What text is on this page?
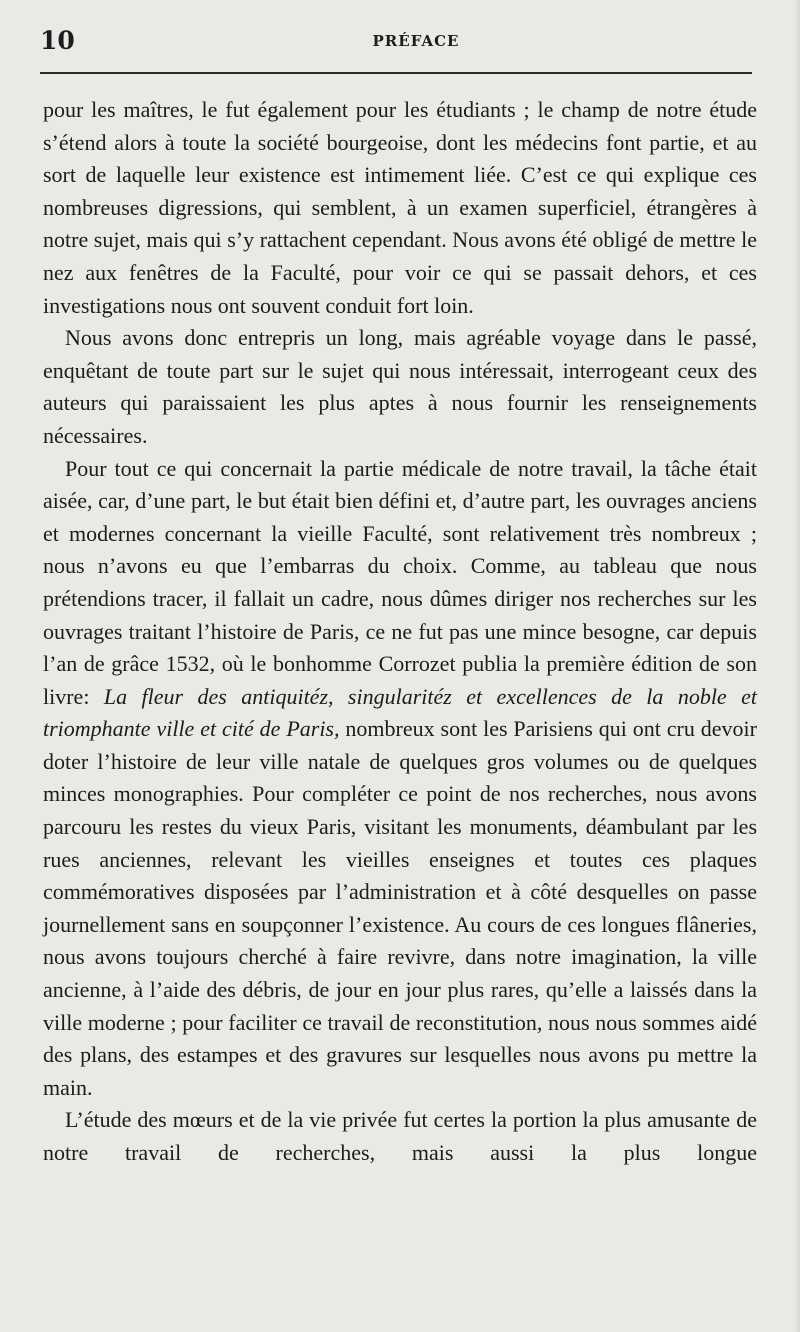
10	PRÉFACE

pour les maîtres, le fut également pour les étudiants ; le champ de notre étude s’étend alors à toute la société bourgeoise, dont les médecins font partie, et au sort de laquelle leur existence est intimement liée. C’est ce qui explique ces nombreuses digressions, qui semblent, à un examen superficiel, étrangères à notre sujet, mais qui s’y rattachent cependant. Nous avons été obligé de mettre le nez aux fenêtres de la Faculté, pour voir ce qui se passait dehors, et ces investigations nous ont souvent conduit fort loin.

Nous avons donc entrepris un long, mais agréable voyage dans le passé, enquêtant de toute part sur le sujet qui nous intéressait, interrogeant ceux des auteurs qui paraissaient les plus aptes à nous fournir les renseignements nécessaires.

Pour tout ce qui concernait la partie médicale de notre travail, la tâche était aisée, car, d’une part, le but était bien défini et, d’autre part, les ouvrages anciens et modernes concernant la vieille Faculté, sont relativement très nombreux ; nous n’avons eu que l’embarras du choix. Comme, au tableau que nous prétendions tracer, il fallait un cadre, nous dûmes diriger nos recherches sur les ouvrages traitant l’histoire de Paris, ce ne fut pas une mince besogne, car depuis l’an de grâce 1532, où le bonhomme Corrozet publia la première édition de son livre: La fleur des antiquitéz, singularitéz et excellences de la noble et triomphante ville et cité de Paris, nombreux sont les Parisiens qui ont cru devoir doter l’histoire de leur ville natale de quelques gros volumes ou de quelques minces monographies. Pour compléter ce point de nos recherches, nous avons parcouru les restes du vieux Paris, visitant les monuments, déambulant par les rues anciennes, relevant les vieilles enseignes et toutes ces plaques commémoratives disposées par l’administration et à côté desquelles on passe journellement sans en soupçonner l’existence. Au cours de ces longues flâneries, nous avons toujours cherché à faire revivre, dans notre imagination, la ville ancienne, à l’aide des débris, de jour en jour plus rares, qu’elle a laissés dans la ville moderne ; pour faciliter ce travail de reconstitution, nous nous sommes aidé des plans, des estampes et des gravures sur lesquelles nous avons pu mettre la main.

L’étude des mœurs et de la vie privée fut certes la portion la plus amusante de notre travail de recherches, mais aussi la plus longue
